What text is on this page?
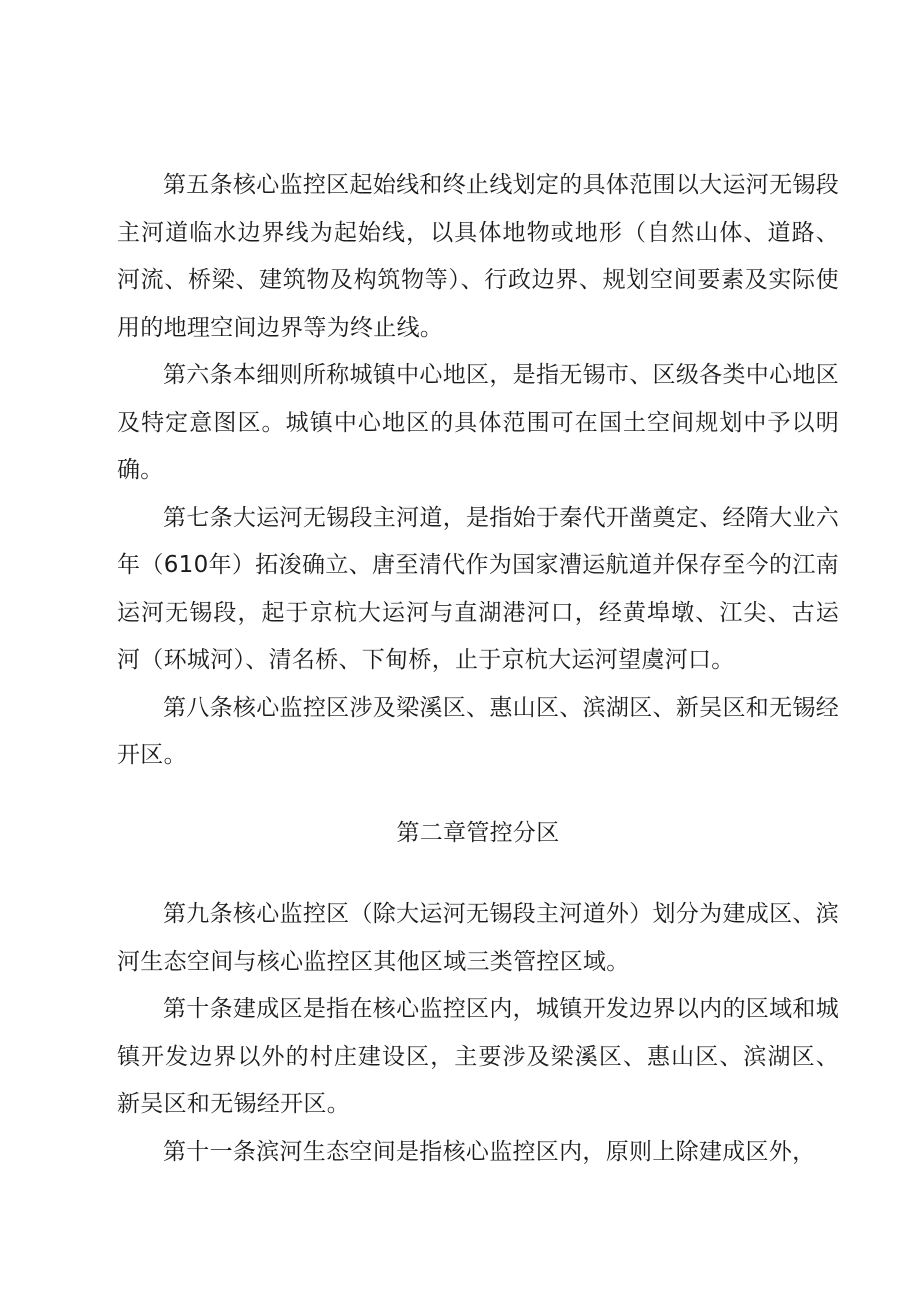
第五条核心监控区起始线和终止线划定的具体范围以大运河无锡段主河道临水边界线为起始线，以具体地物或地形（自然山体、道路、河流、桥梁、建筑物及构筑物等）、行政边界、规划空间要素及实际使用的地理空间边界等为终止线。

第六条本细则所称城镇中心地区，是指无锡市、区级各类中心地区及特定意图区。城镇中心地区的具体范围可在国土空间规划中予以明确。

第七条大运河无锡段主河道，是指始于秦代开凿奠定、经隋大业六年（610年）拓浚确立、唐至清代作为国家漕运航道并保存至今的江南运河无锡段，起于京杭大运河与直湖港河口，经黄埠墩、江尖、古运河（环城河）、清名桥、下甸桥，止于京杭大运河望虞河口。

第八条核心监控区涉及梁溪区、惠山区、滨湖区、新吴区和无锡经开区。

第二章管控分区

第九条核心监控区（除大运河无锡段主河道外）划分为建成区、滨河生态空间与核心监控区其他区域三类管控区域。

第十条建成区是指在核心监控区内，城镇开发边界以内的区域和城镇开发边界以外的村庄建设区，主要涉及梁溪区、惠山区、滨湖区、新吴区和无锡经开区。

第十一条滨河生态空间是指核心监控区内，原则上除建成区外，
